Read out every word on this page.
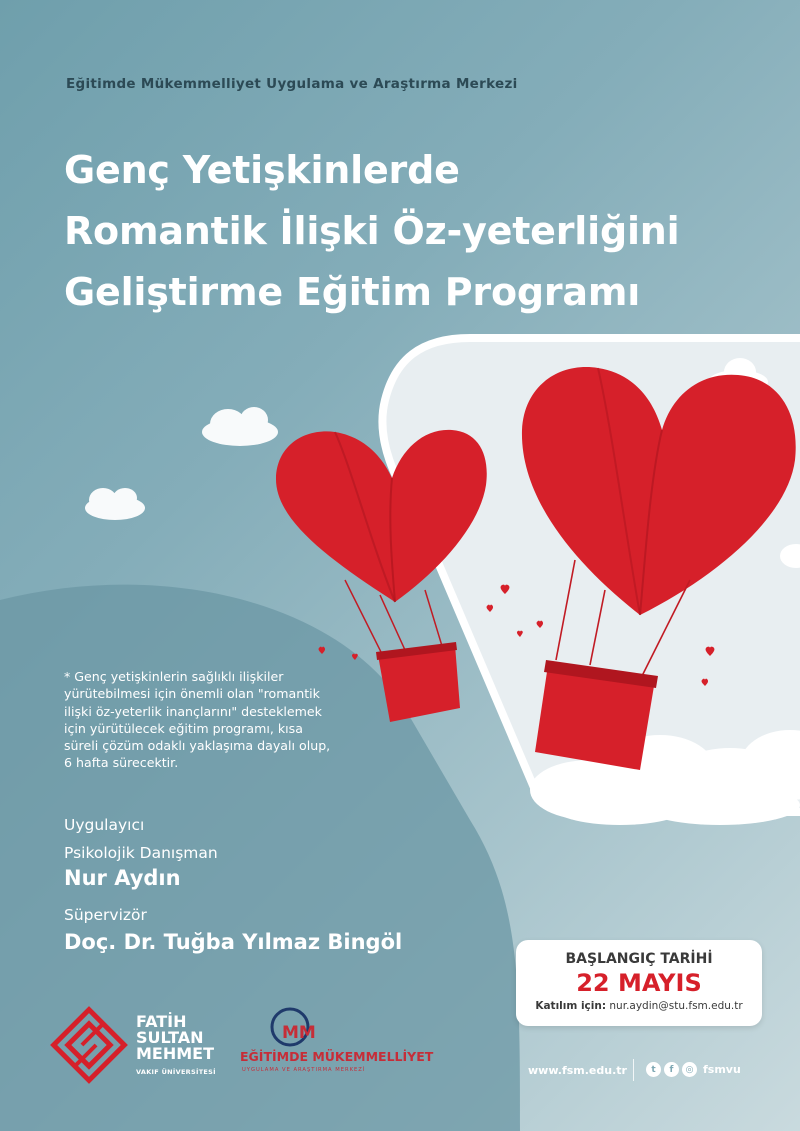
Eğitimde Mükemmelliyet Uygulama ve Araştırma Merkezi
Genç Yetişkinlerde
Romantik İlişki Öz-yeterliğini
Geliştirme Eğitim Programı
* Genç yetişkinlerin sağlıklı ilişkiler
yürütebilmesi için önemli olan "romantik
ilişki öz-yeterlik inançlarını" desteklemek
için yürütülecek eğitim programı, kısa
süreli çözüm odaklı yaklaşıma dayalı olup,
6 hafta sürecektir.
Uygulayıcı
Psikolojik Danışman
Nur Aydın
Süpervizör
Doç. Dr. Tuğba Yılmaz Bingöl
BAŞLANGIÇ TARİHİ
22 MAYIS
Katılım için: nur.aydin@stu.fsm.edu.tr
FATİH
SULTAN
MEHMET
VAKIF ÜNİVERSİTESİ
MM
EĞİTİMDE MÜKEMMELLİYET
UYGULAMA VE ARAŞTIRMA MERKEZİ	www.fsm.edu.tr	t	f	◎ fsmvu
